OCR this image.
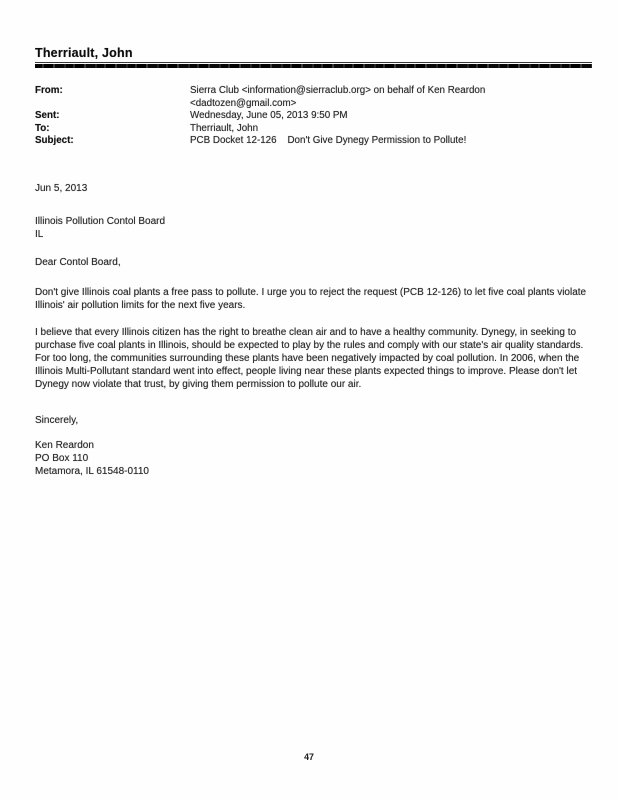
Therriault, John
From:	Sierra Club <information@sierraclub.org> on behalf of Ken Reardon
<dadtozen@gmail.com>
Sent:	Wednesday, June 05, 2013 9:50 PM
To:	Therriault, John
Subject:	PCB Docket 12-126    Don't Give Dynegy Permission to Pollute!

Jun 5, 2013

Illinois Pollution Contol Board
IL

Dear Contol Board,

Don't give Illinois coal plants a free pass to pollute. I urge you to reject the request (PCB 12-126) to let five coal plants violate Illinois' air pollution limits for the next five years.

I believe that every Illinois citizen has the right to breathe clean air and to have a healthy community. Dynegy, in seeking to purchase five coal plants in Illinois, should be expected to play by the rules and comply with our state's air quality standards. For too long, the communities surrounding these plants have been negatively impacted by coal pollution. In 2006, when the Illinois Multi-Pollutant standard went into effect, people living near these plants expected things to improve. Please don't let Dynegy now violate that trust, by giving them permission to pollute our air.

Sincerely,

Ken Reardon
PO Box 110
Metamora, IL 61548-0110

47
